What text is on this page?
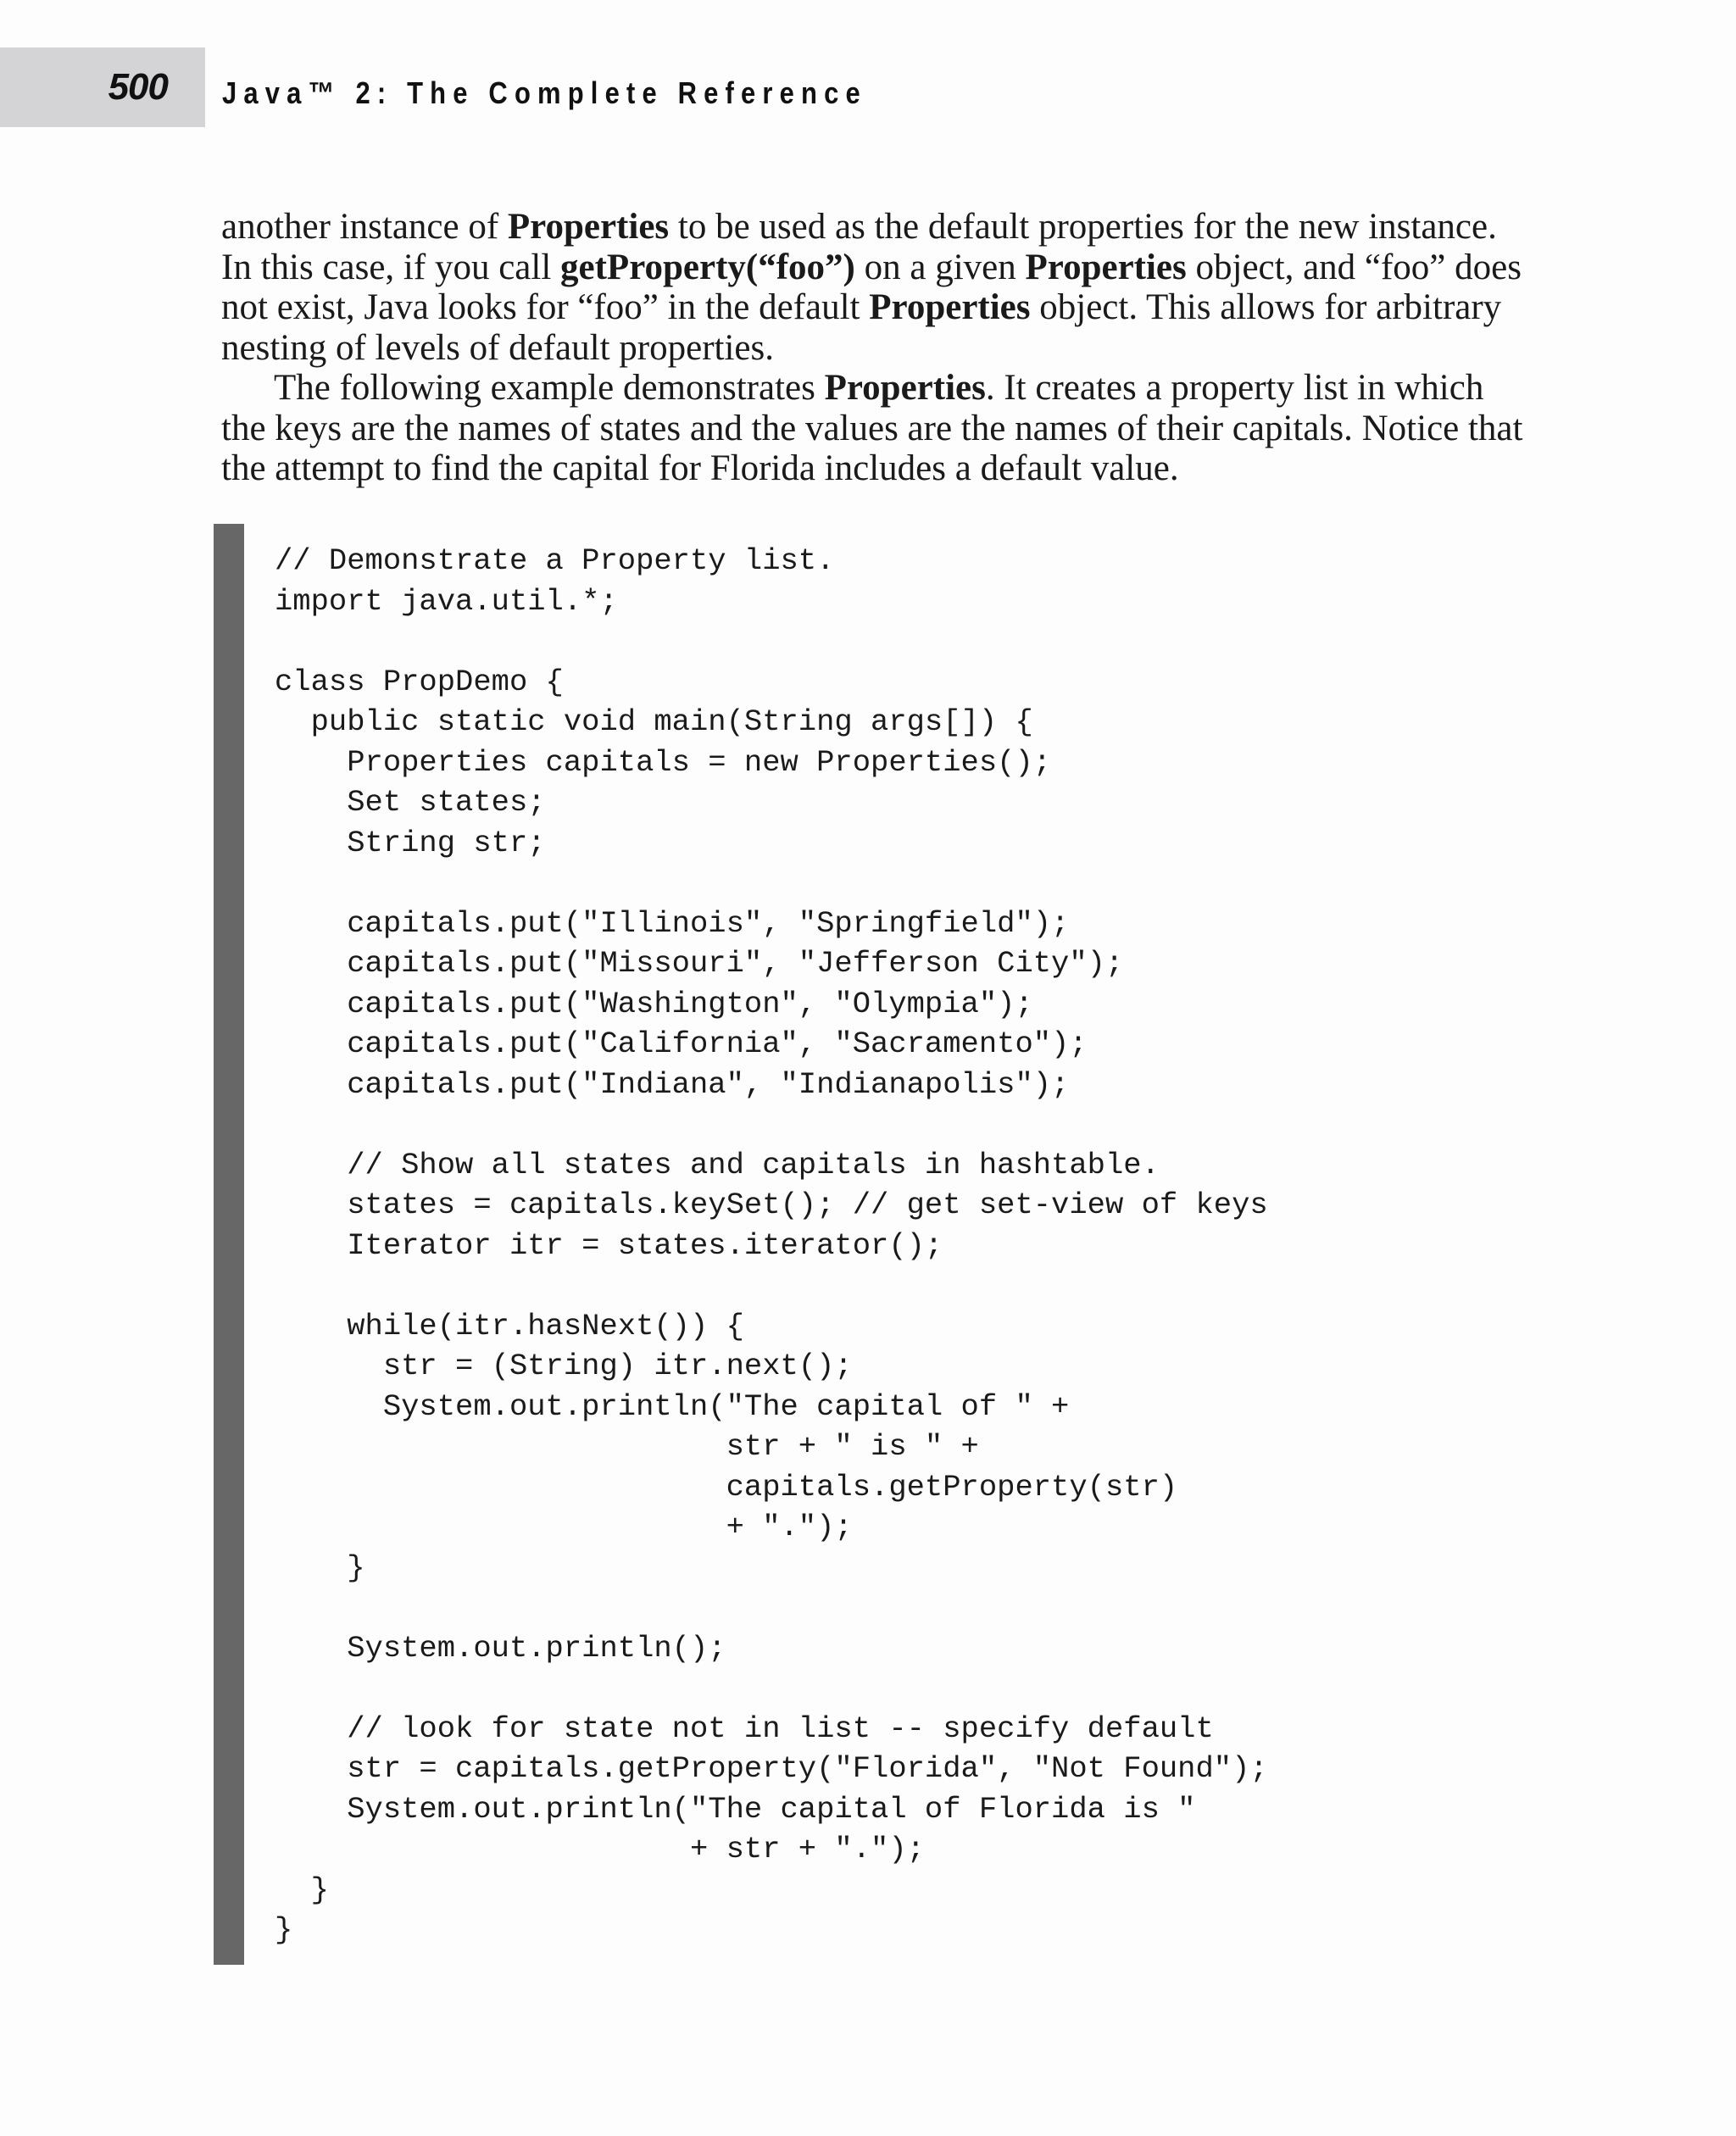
500 Java™ 2: The Complete Reference

another instance of Properties to be used as the default properties for the new instance. In this case, if you call getProperty(“foo”) on a given Properties object, and “foo” does not exist, Java looks for “foo” in the default Properties object. This allows for arbitrary nesting of levels of default properties.

The following example demonstrates Properties. It creates a property list in which the keys are the names of states and the values are the names of their capitals. Notice that the attempt to find the capital for Florida includes a default value.

// Demonstrate a Property list.
import java.util.*;

class PropDemo {
public static void main(String args[]) {
Properties capitals = new Properties();
Set states;
String str;

capitals.put("Illinois", "Springfield");
capitals.put("Missouri", "Jefferson City");
capitals.put("Washington", "Olympia");
capitals.put("California", "Sacramento");
capitals.put("Indiana", "Indianapolis");

// Show all states and capitals in hashtable.
states = capitals.keySet(); // get set-view of keys
Iterator itr = states.iterator();

while(itr.hasNext()) {
str = (String) itr.next();
System.out.println("The capital of " +
str + " is " +
capitals.getProperty(str)
+ ".");
}

System.out.println();

// look for state not in list -- specify default
str = capitals.getProperty("Florida", "Not Found");
System.out.println("The capital of Florida is "
+ str + ".");
}
}
